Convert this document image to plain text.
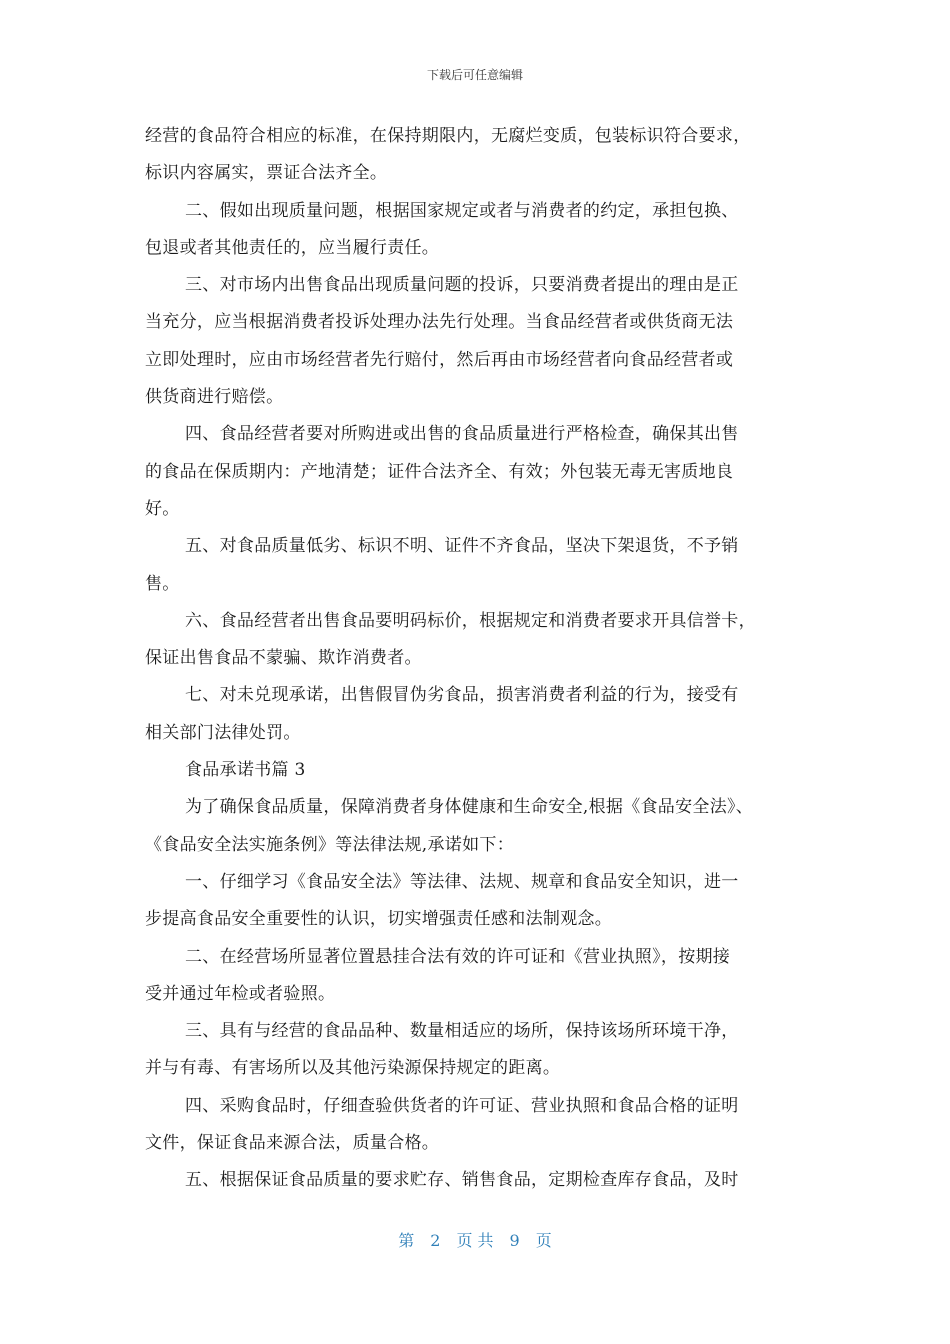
下载后可任意编辑
经营的食品符合相应的标准，在保持期限内，无腐烂变质，包装标识符合要求，
标识内容属实，票证合法齐全。
二、假如出现质量问题，根据国家规定或者与消费者的约定，承担包换、
包退或者其他责任的，应当履行责任。
三、对市场内出售食品出现质量问题的投诉，只要消费者提出的理由是正
当充分，应当根据消费者投诉处理办法先行处理。当食品经营者或供货商无法
立即处理时，应由市场经营者先行赔付，然后再由市场经营者向食品经营者或
供货商进行赔偿。
四、食品经营者要对所购进或出售的食品质量进行严格检查，确保其出售
的食品在保质期内：产地清楚；证件合法齐全、有效；外包装无毒无害质地良
好。
五、对食品质量低劣、标识不明、证件不齐食品，坚决下架退货，不予销
售。
六、食品经营者出售食品要明码标价，根据规定和消费者要求开具信誉卡，
保证出售食品不蒙骗、欺诈消费者。
七、对未兑现承诺，出售假冒伪劣食品，损害消费者利益的行为，接受有
相关部门法律处罚。
食品承诺书篇 3
为了确保食品质量，保障消费者身体健康和生命安全,根据《食品安全法》、
《食品安全法实施条例》等法律法规,承诺如下：
一、仔细学习《食品安全法》等法律、法规、规章和食品安全知识，进一
步提高食品安全重要性的认识，切实增强责任感和法制观念。
二、在经营场所显著位置悬挂合法有效的许可证和《营业执照》，按期接
受并通过年检或者验照。
三、具有与经营的食品品种、数量相适应的场所，保持该场所环境干净，
并与有毒、有害场所以及其他污染源保持规定的距离。
四、采购食品时，仔细查验供货者的许可证、营业执照和食品合格的证明
文件，保证食品来源合法，质量合格。
五、根据保证食品质量的要求贮存、销售食品，定期检查库存食品，及时
第 2 页 共 9 页
